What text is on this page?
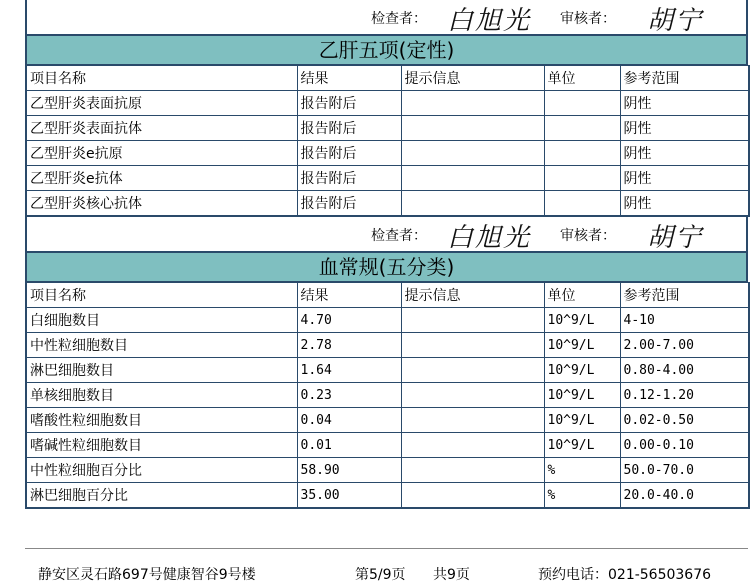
检查者： 白旭光 审核者： 胡宁
乙肝五项(定性)
项目名称	结果	提示信息	单位	参考范围
乙型肝炎表面抗原	报告附后			阴性
乙型肝炎表面抗体	报告附后			阴性
乙型肝炎e抗原	报告附后			阴性
乙型肝炎e抗体	报告附后			阴性
乙型肝炎核心抗体	报告附后			阴性
检查者： 白旭光 审核者： 胡宁
血常规(五分类)
项目名称	结果	提示信息	单位	参考范围
白细胞数目	4.70		10^9/L	4-10
中性粒细胞数目	2.78		10^9/L	2.00-7.00
淋巴细胞数目	1.64		10^9/L	0.80-4.00
单核细胞数目	0.23		10^9/L	0.12-1.20
嗜酸性粒细胞数目	0.04		10^9/L	0.02-0.50
嗜碱性粒细胞数目	0.01		10^9/L	0.00-0.10
中性粒细胞百分比	58.90		%	50.0-70.0
淋巴细胞百分比	35.00		%	20.0-40.0
静安区灵石路697号健康智谷9号楼	第5/9页 共9页	预约电话：021-56503676
